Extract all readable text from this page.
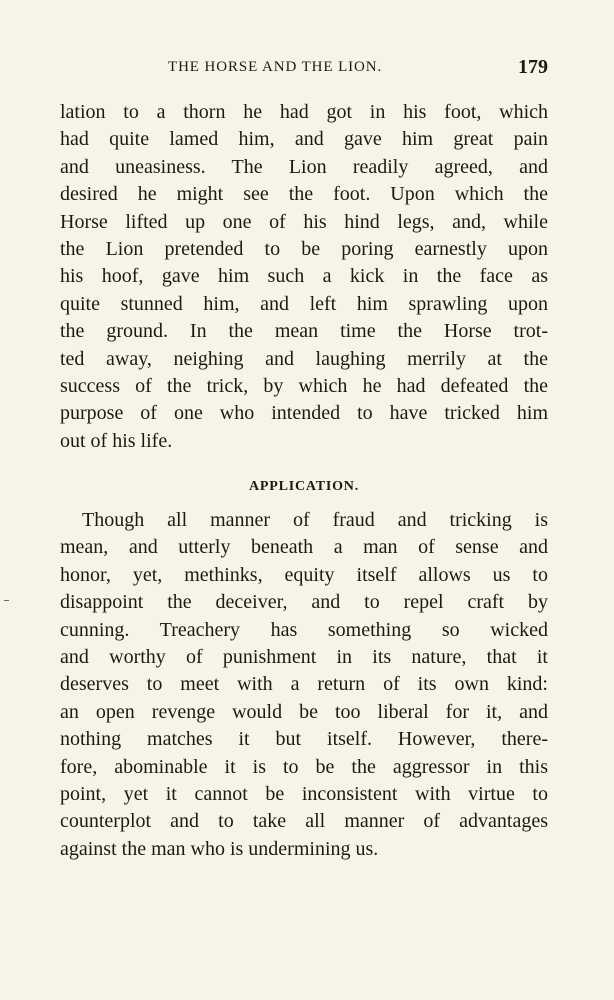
THE HORSE AND THE LION.	179
lation to a thorn he had got in his foot, which
had quite lamed him, and gave him great pain
and uneasiness. The Lion readily agreed, and
desired he might see the foot. Upon which the
Horse lifted up one of his hind legs, and, while
the Lion pretended to be poring earnestly upon
his hoof, gave him such a kick in the face as
quite stunned him, and left him sprawling upon
the ground. In the mean time the Horse trot-
ted away, neighing and laughing merrily at the
success of the trick, by which he had defeated the
purpose of one who intended to have tricked him
out of his life.
APPLICATION.
Though all manner of fraud and tricking is
mean, and utterly beneath a man of sense and
honor, yet, methinks, equity itself allows us to
disappoint the deceiver, and to repel craft by
cunning. Treachery has something so wicked
and worthy of punishment in its nature, that it
deserves to meet with a return of its own kind:
an open revenge would be too liberal for it, and
nothing matches it but itself. However, there-
fore, abominable it is to be the aggressor in this
point, yet it cannot be inconsistent with virtue to
counterplot and to take all manner of advantages
against the man who is undermining us.
